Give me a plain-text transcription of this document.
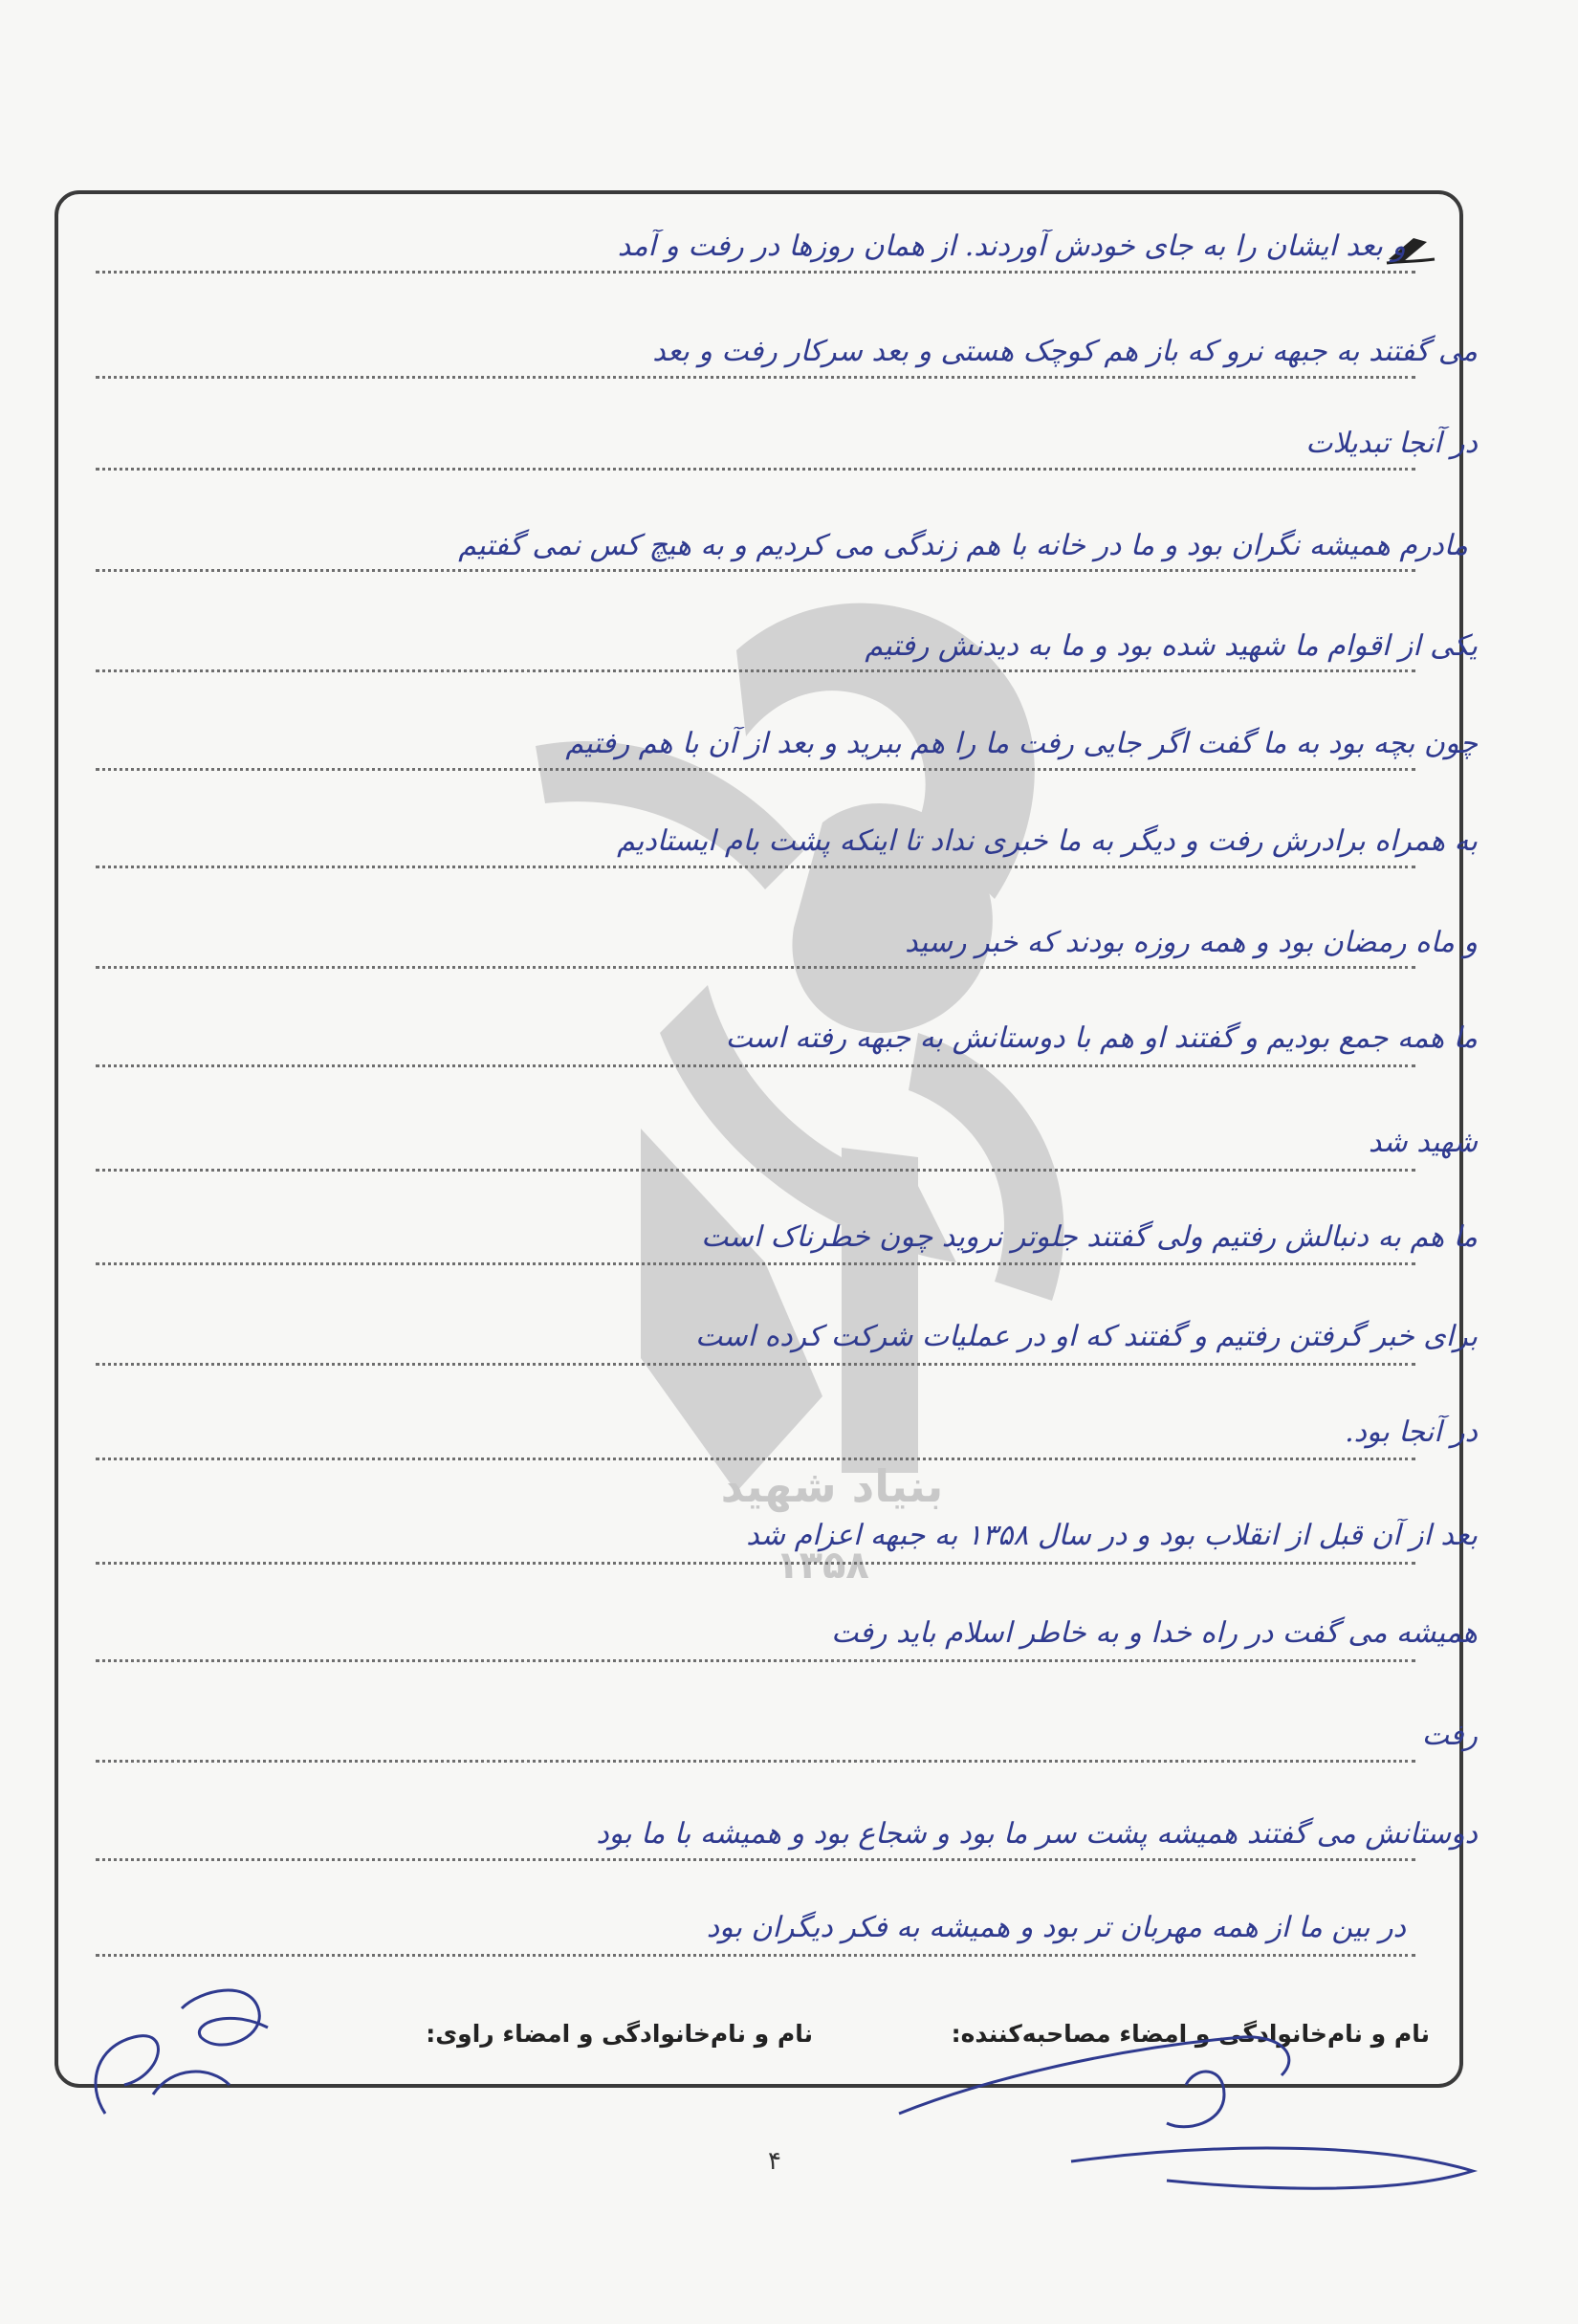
بنیاد شهید
۱۳۵۸
و بعد ایشان را به جای خودش آوردند. از همان روزها در رفت و آمد
می گفتند به جبهه نرو که باز هم کوچک هستی و بعد سرکار رفت و بعد
در آنجا تبدیلات
مادرم همیشه نگران بود و ما در خانه با هم زندگی می کردیم و به هیچ کس نمی گفتیم
یکی از اقوام ما شهید شده بود و ما به دیدنش رفتیم
چون بچه بود به ما گفت اگر جایی رفت ما را هم ببرید و بعد از آن با هم رفتیم
به همراه برادرش رفت و دیگر به ما خبری نداد تا اینکه پشت بام ایستادیم
و ماه رمضان بود و همه روزه بودند که خبر رسید
ما همه جمع بودیم و گفتند او هم با دوستانش به جبهه رفته است
شهید شد
ما هم به دنبالش رفتیم ولی گفتند جلوتر نروید چون خطرناک است
برای خبر گرفتن رفتیم و گفتند که او در عملیات شرکت کرده است
در آنجا بود.
بعد از آن قبل از انقلاب بود و در سال ۱۳۵۸ به جبهه اعزام شد
همیشه می گفت در راه خدا و به خاطر اسلام باید رفت
رفت
دوستانش می گفتند همیشه پشت سر ما بود و شجاع بود و همیشه با ما بود
در بین ما از همه مهربان تر بود و همیشه به فکر دیگران بود
نام و نام‌خانوادگی و امضاء مصاحبه‌کننده:
نام و نام‌خانوادگی و امضاء راوی:
۴
